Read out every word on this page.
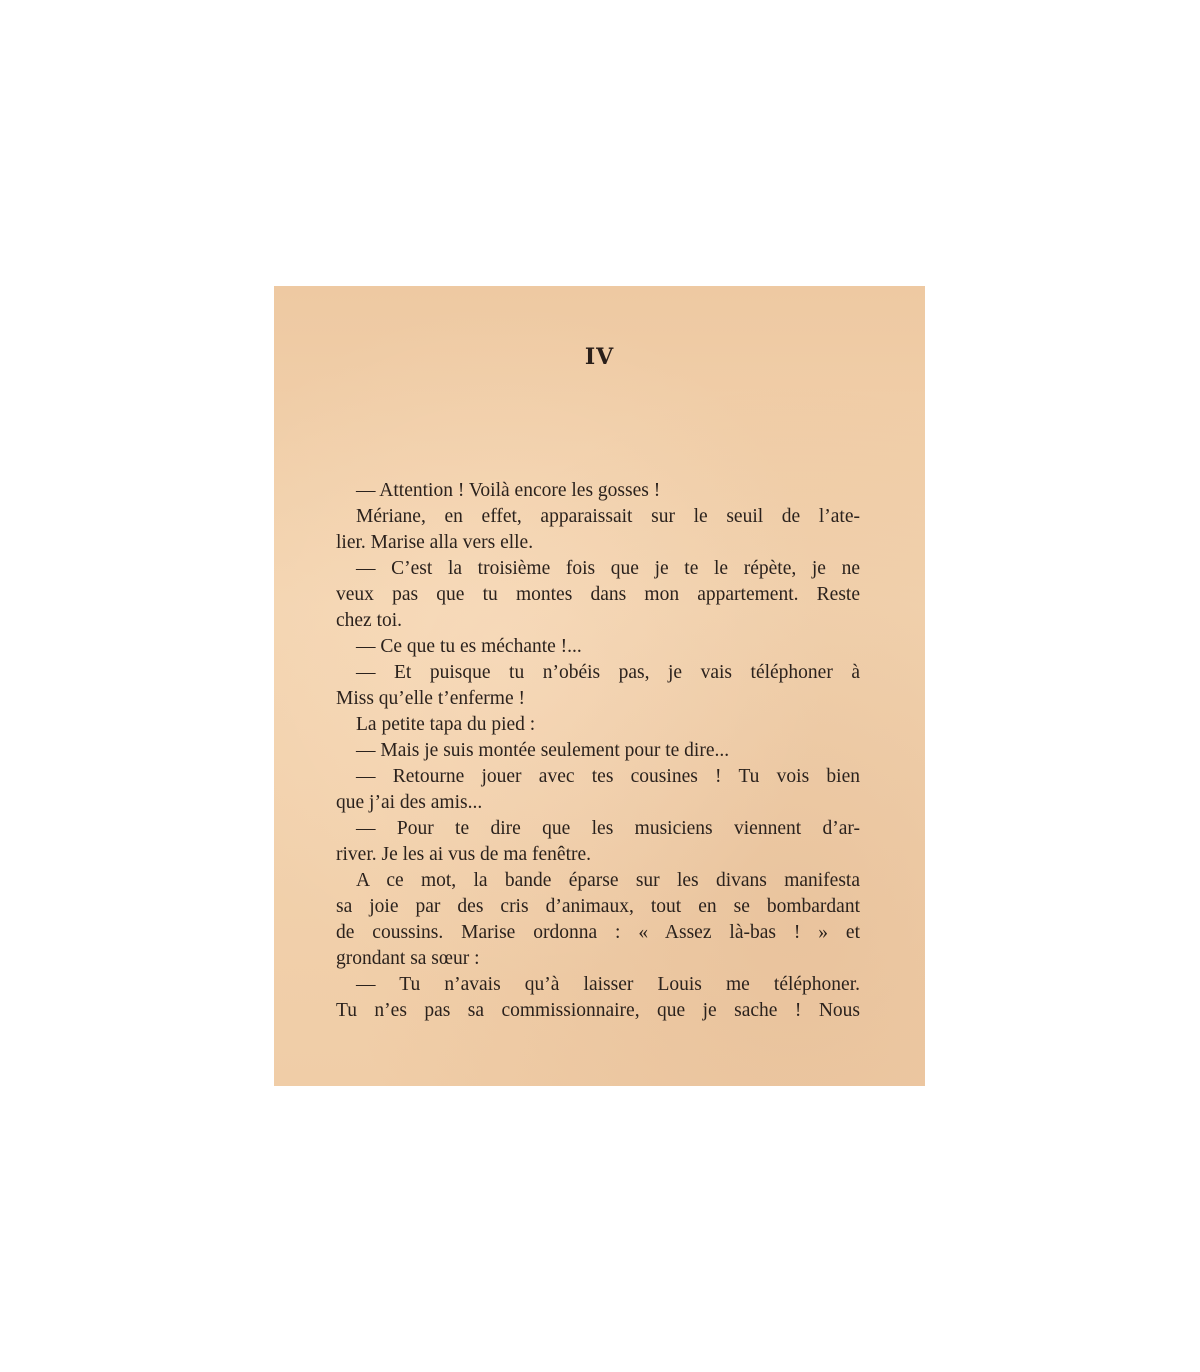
IV
— Attention ! Voilà encore les gosses !
Mériane, en effet, apparaissait sur le seuil de l’ate-
lier. Marise alla vers elle.
— C’est la troisième fois que je te le répète, je ne
veux pas que tu montes dans mon appartement. Reste
chez toi.
— Ce que tu es méchante !...
— Et puisque tu n’obéis pas, je vais téléphoner à
Miss qu’elle t’enferme !
La petite tapa du pied :
— Mais je suis montée seulement pour te dire...
— Retourne jouer avec tes cousines ! Tu vois bien
que j’ai des amis...
— Pour te dire que les musiciens viennent d’ar-
river. Je les ai vus de ma fenêtre.
A ce mot, la bande éparse sur les divans manifesta
sa joie par des cris d’animaux, tout en se bombardant
de coussins. Marise ordonna : « Assez là-bas ! » et
grondant sa sœur :
— Tu n’avais qu’à laisser Louis me téléphoner.
Tu n’es pas sa commissionnaire, que je sache ! Nous
